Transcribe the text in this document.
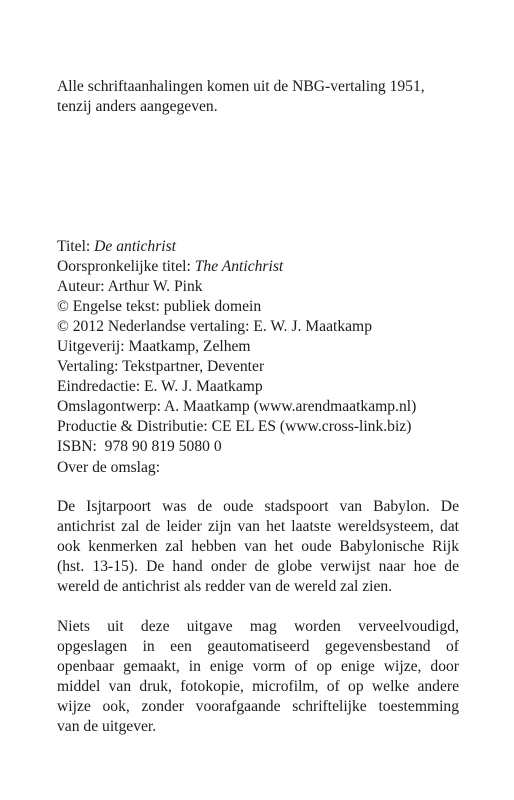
Alle schriftaanhalingen komen uit de NBG-vertaling 1951,
tenzij anders aangegeven.
Titel: De antichrist
Oorspronkelijke titel: The Antichrist
Auteur: Arthur W. Pink
© Engelse tekst: publiek domein
© 2012 Nederlandse vertaling: E. W. J. Maatkamp
Uitgeverij: Maatkamp, Zelhem
Vertaling: Tekstpartner, Deventer
Eindredactie: E. W. J. Maatkamp
Omslagontwerp: A. Maatkamp (www.arendmaatkamp.nl)
Productie & Distributie: CE EL ES (www.cross-link.biz)
ISBN:  978 90 819 5080 0

Over de omslag:

De Isjtarpoort was de oude stadspoort van Babylon. De
antichrist zal de leider zijn van het laatste wereldsysteem, dat
ook kenmerken zal hebben van het oude Babylonische Rijk
(hst. 13-15). De hand onder de globe verwijst naar hoe de
wereld de antichrist als redder van de wereld zal zien.
Niets uit deze uitgave mag worden verveelvoudigd,
opgeslagen in een geautomatiseerd gegevensbestand of
openbaar gemaakt, in enige vorm of op enige wijze, door
middel van druk, fotokopie, microfilm, of op welke andere
wijze ook, zonder voorafgaande schriftelijke toestemming
van de uitgever.
